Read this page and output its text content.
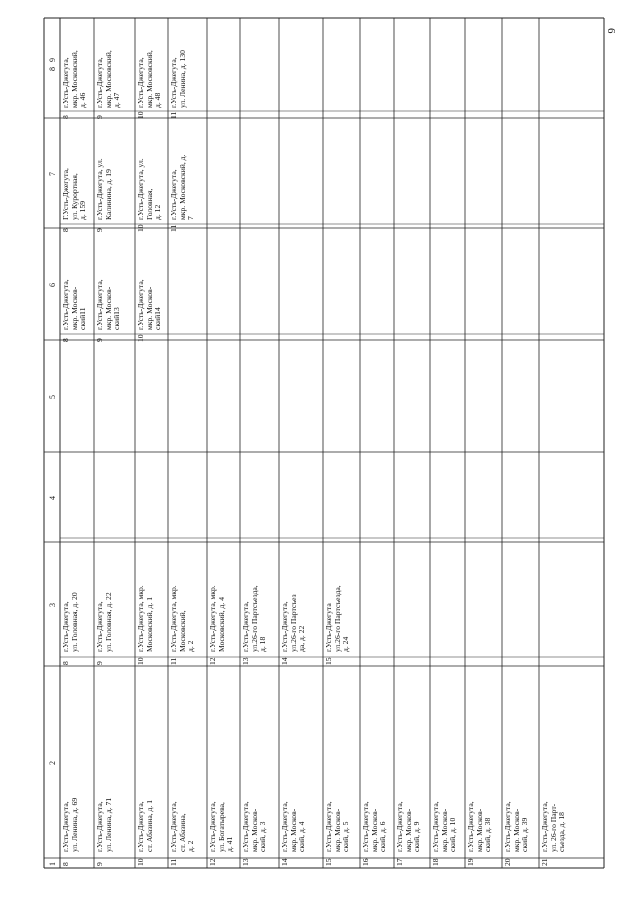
6
1
2
3
4
5
6
7
8
9
8
г.Усть-Джегута,
ул. Ленина, д. 69
8
г.Усть-Джегута,
ул. Головная, д. 20
8
г.Усть-Джегута,
мкр. Москов-
ский11
8
Г.Усть-Джегута,
ул. Курортная,
д. 159
8
г.Усть-Джегута,
мкр. Московский,
д. 46
9
г.Усть-Джегута,
ул. Ленина, д. 71
9
г.Усть-Джегута,
ул. Головная, д. 22
9
г.Усть-Джегута,
мкр. Москов-
ский13
9
г.Усть-Джегута, ул.
Калинина, д. 19
9
г.Усть-Джегута,
мкр. Московский,
д. 47
10
г.Усть-Джегута,
ст. Абазина, д. 1
10
г.Усть-Джегута, мкр.
Московский, д. 1
10
г.Усть-Джегута,
мкр. Москов-
ский14
10
г.Усть-Джегута, ул.
Головная,
д. 12
10
г.Усть-Джегута,
мкр. Московский,
д. 48
11
г.Усть-Джегута,
ст. Абазина,
д. 2
11
г.Усть-Джегута, мкр.
Московский,
д. 2
11
г.Усть-Джегута,
мкр. Московский, д.
7
11
г.Усть-Джегута,
ул. Ленина, д. 130
12
г.Усть-Джегута,
ул. Богатырева,
д. 41
12
г.Усть-Джегута, мкр.
Московский, д. 4
13
г.Усть-Джегута,
мкр. Москов-
ский, д. 3
13
г.Усть-Джегута,
ул.26-го Партсъезда,
д. 18
14
г.Усть-Джегута,
мкр. Москов-
ский, д. 4
14
г.Усть-Джегута,
ул.26-го Партсъез
да, д. 22
15
г.Усть-Джегута,
мкр. Москов-
ский, д. 5
15
г.Усть-Джегута
ул.26-го Партсъезда,
д. 24
16
г.Усть-Джегута,
мкр. Москов-
ский, д. 6
17
г.Усть-Джегута,
мкр. Москов-
ский, д. 9
18
г.Усть-Джегута,
мкр. Москов-
ский, д. 10
19
г.Усть-Джегута,
мкр. Москов-
ский, д. 38
20
г.Усть-Джегута,
мкр. Москов-
ский, д. 39
21
г.Усть-Джегута,
ул. 26-го Парт-
съезда, д. 18
